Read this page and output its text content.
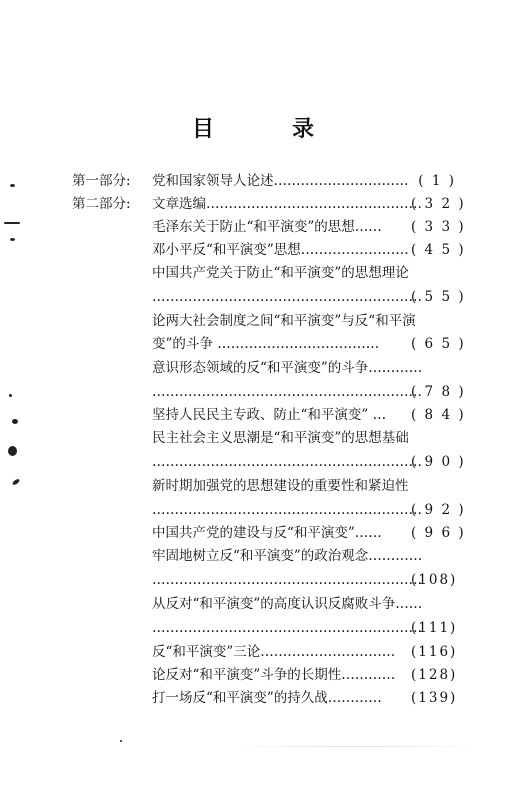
目　录
第一部分: 党和国家领导人论述………………………… ( 1 )
第二部分: 文章选编…………………………………………
( 3 2 )
毛泽东关于防止“和平演变”的思想……	( 3 3 )
邓小平反“和平演变”思想…………………… ( 4 5 )
中国共产党关于防止“和平演变”的思想理论
……………………………………………………
( 5 5 )
论两大社会制度之间“和平演变”与反“和平演
变”的斗争 ………………………………	( 6 5 )
意识形态领域的反“和平演变”的斗争…………
……………………………………………………
( 7 8 )
坚持人民民主专政、防止“和平演变” …	( 8 4 )
民主社会主义思潮是“和平演变”的思想基础
……………………………………………………
( 9 0 )
新时期加强党的思想建设的重要性和紧迫性
……………………………………………………
( 9 2 )
中国共产党的建设与反“和平演变”……	( 9 6 )
牢固地树立反“和平演变”的政治观念…………
……………………………………………………
(108)
从反对“和平演变”的高度认识反腐败斗争……
……………………………………………………
(111)
反“和平演变”三论…………………………	(116)
论反对“和平演变”斗争的长期性…………	(128)
打一场反“和平演变”的持久战…………	(139)
